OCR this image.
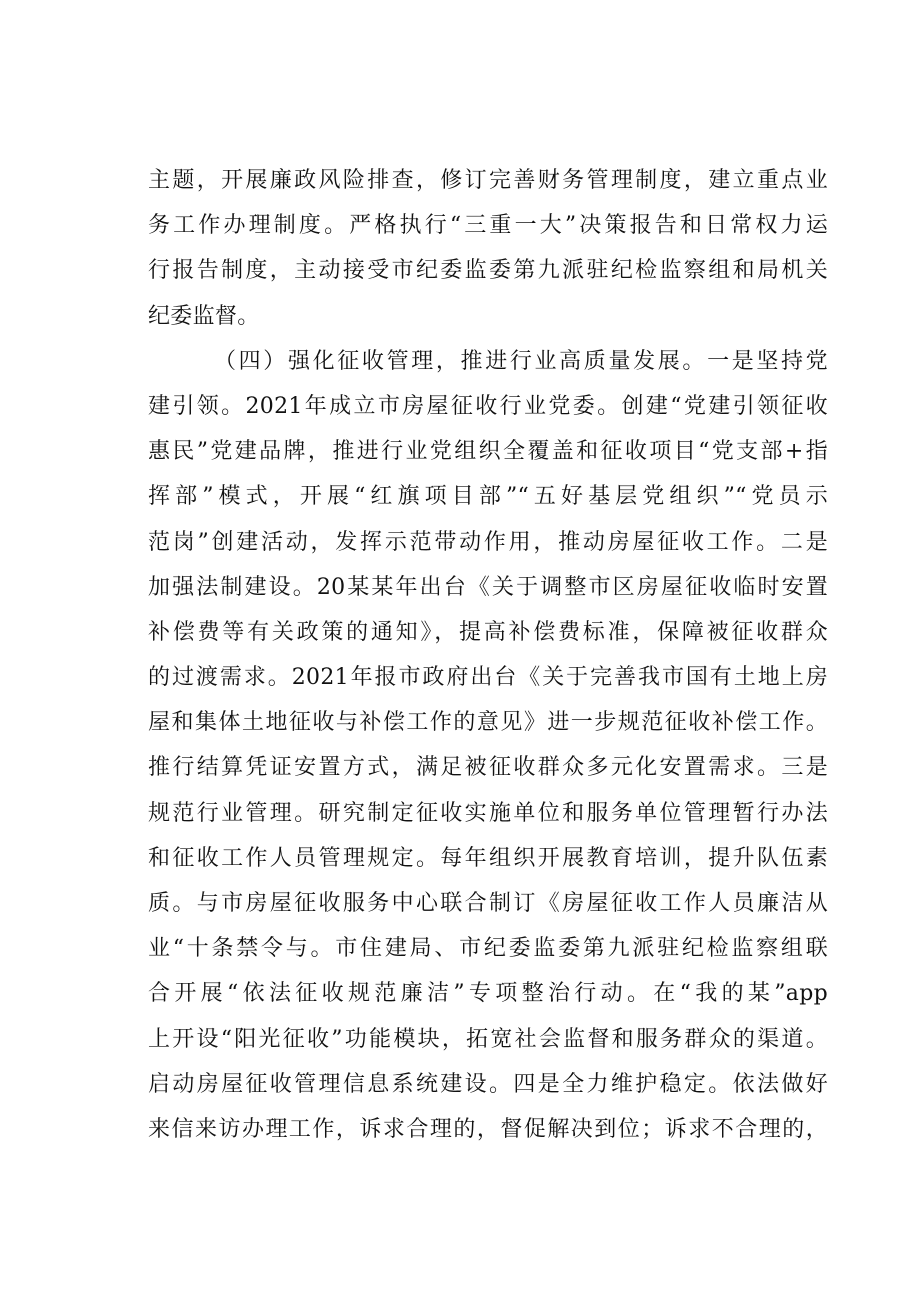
主题，开展廉政风险排查，修订完善财务管理制度，建立重点业
务工作办理制度。严格执行“三重一大”决策报告和日常权力运
行报告制度，主动接受市纪委监委第九派驻纪检监察组和局机关
纪委监督。
（四）强化征收管理，推进行业高质量发展。一是坚持党
建引领。2021年成立市房屋征收行业党委。创建“党建引领征收
惠民”党建品牌，推进行业党组织全覆盖和征收项目“党支部+指
挥部”模式，开展“红旗项目部”“五好基层党组织”“党员示
范岗”创建活动，发挥示范带动作用，推动房屋征收工作。二是
加强法制建设。20某某年出台《关于调整市区房屋征收临时安置
补偿费等有关政策的通知》，提高补偿费标准，保障被征收群众
的过渡需求。2021年报市政府出台《关于完善我市国有土地上房
屋和集体土地征收与补偿工作的意见》进一步规范征收补偿工作。
推行结算凭证安置方式，满足被征收群众多元化安置需求。三是
规范行业管理。研究制定征收实施单位和服务单位管理暂行办法
和征收工作人员管理规定。每年组织开展教育培训，提升队伍素
质。与市房屋征收服务中心联合制订《房屋征收工作人员廉洁从
业“十条禁令与。市住建局、市纪委监委第九派驻纪检监察组联
合开展“依法征收规范廉洁”专项整治行动。在“我的某”app
上开设“阳光征收”功能模块，拓宽社会监督和服务群众的渠道。
启动房屋征收管理信息系统建设。四是全力维护稳定。依法做好
来信来访办理工作，诉求合理的，督促解决到位；诉求不合理的，
